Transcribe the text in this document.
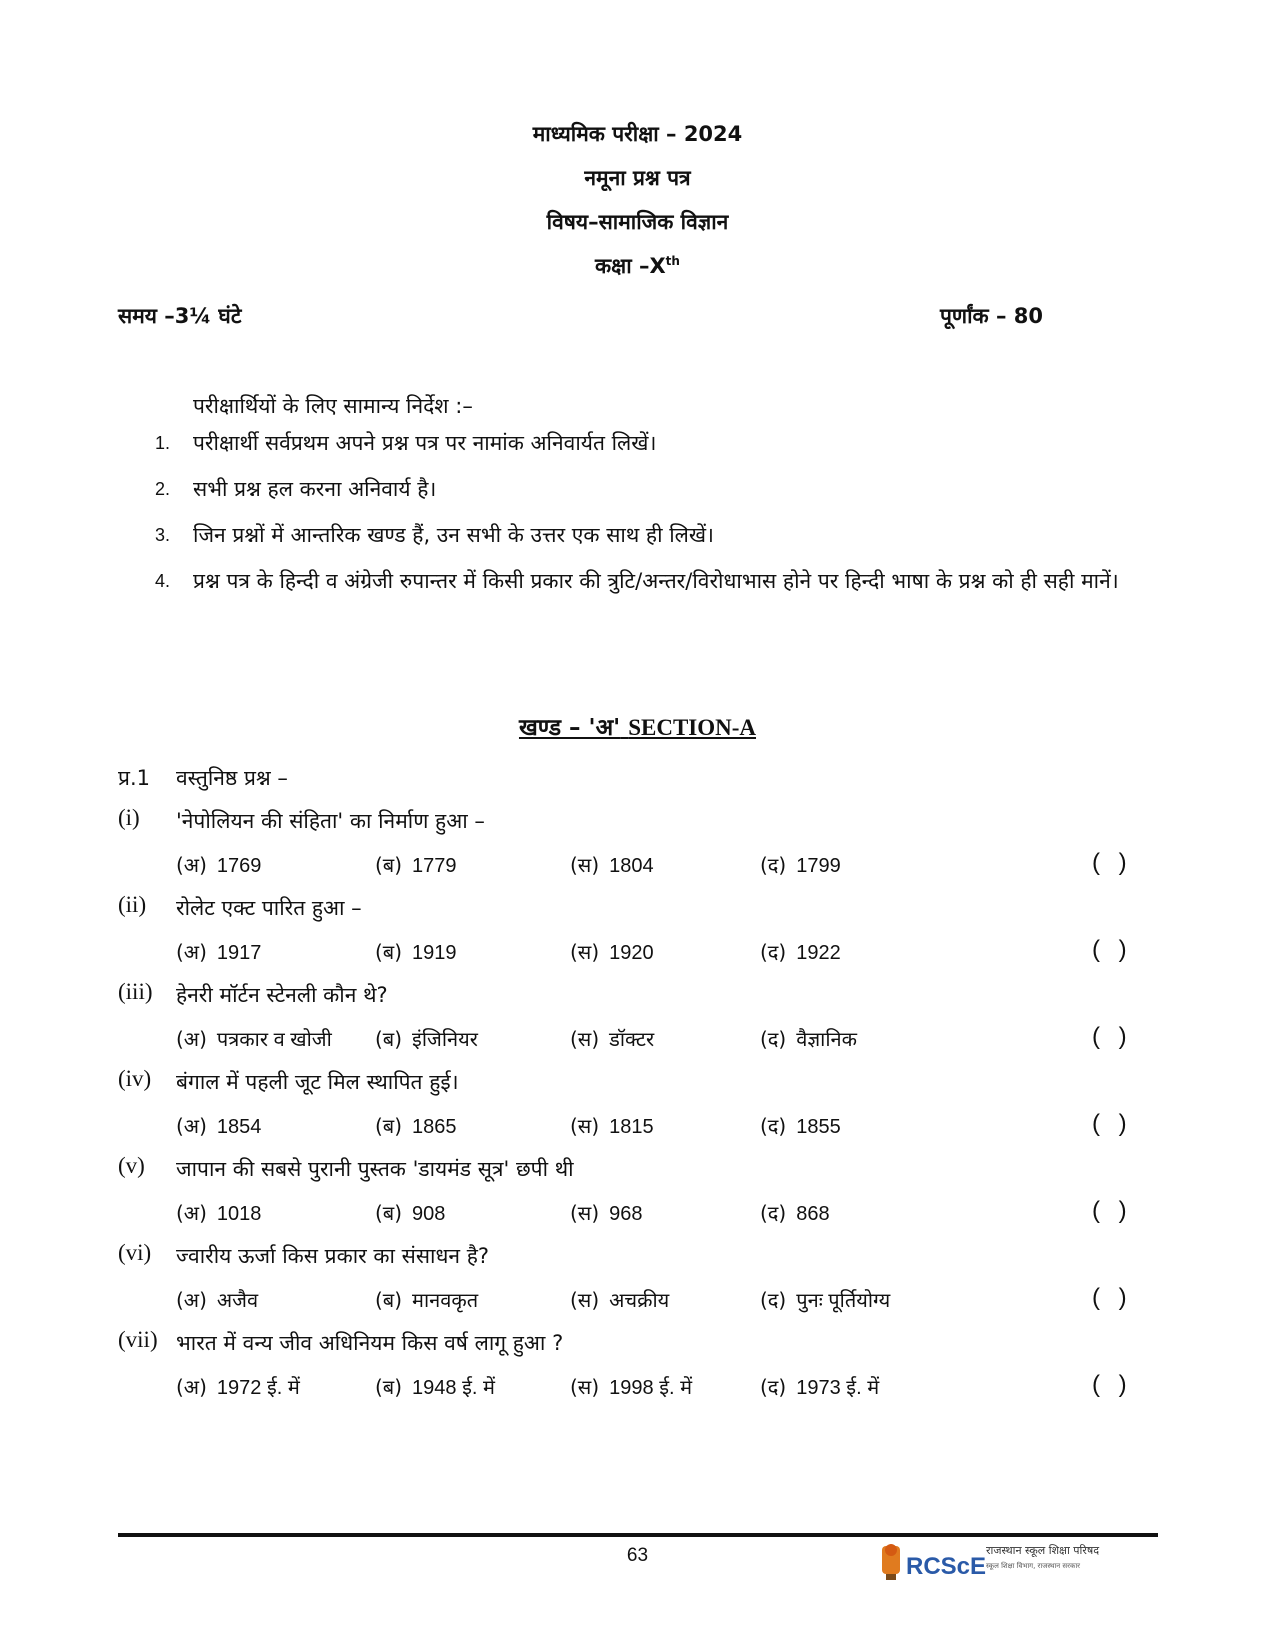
माध्यमिक परीक्षा – 2024
नमूना प्रश्न पत्र
विषय–सामाजिक विज्ञान
कक्षा –Xth
समय –3¼ घंटे	पूर्णांक – 80
परीक्षार्थियों के लिए सामान्य निर्देश :–
1. परीक्षार्थी सर्वप्रथम अपने प्रश्न पत्र पर नामांक अनिवार्यत लिखें।
2. सभी प्रश्न हल करना अनिवार्य है।
3. जिन प्रश्नों में आन्तरिक खण्ड हैं, उन सभी के उत्तर एक साथ ही लिखें।
4. प्रश्न पत्र के हिन्दी व अंग्रेजी रुपान्तर में किसी प्रकार की त्रुटि/अन्तर/विरोधाभास होने पर हिन्दी भाषा के प्रश्न को ही सही मानें।
खण्ड – 'अ' SECTION-A
प्र.1 वस्तुनिष्ठ प्रश्न –
(i) 'नेपोलियन की संहिता' का निर्माण हुआ –
(अ) 1769	(ब) 1779	(स) 1804	(द) 1799	( )
(ii) रोलेट एक्ट पारित हुआ –
(अ) 1917	(ब) 1919	(स) 1920	(द) 1922	( )
(iii) हेनरी मॉर्टन स्टेनली कौन थे?
(अ) पत्रकार व खोजी (ब) इंजिनियर	(स) डॉक्टर	(द) वैज्ञानिक	( )
(iv) बंगाल में पहली जूट मिल स्थापित हुई।
(अ) 1854	(ब) 1865	(स) 1815	(द) 1855	( )
(v) जापान की सबसे पुरानी पुस्तक 'डायमंड सूत्र' छपी थी
(अ) 1018	(ब) 908	(स) 968	(द) 868	( )
(vi) ज्वारीय ऊर्जा किस प्रकार का संसाधन है?
(अ) अजैव	(ब) मानवकृत	(स) अचक्रीय	(द) पुनः पूर्तियोग्य	( )
(vii) भारत में वन्य जीव अधिनियम किस वर्ष लागू हुआ ?
(अ) 1972 ई. में	(ब) 1948 ई. में	(स) 1998 ई. में	(द) 1973 ई. में	( )
63	RCScE
राजस्थान स्कूल शिक्षा परिषद
स्कूल शिक्षा विभाग, राजस्थान सरकार
